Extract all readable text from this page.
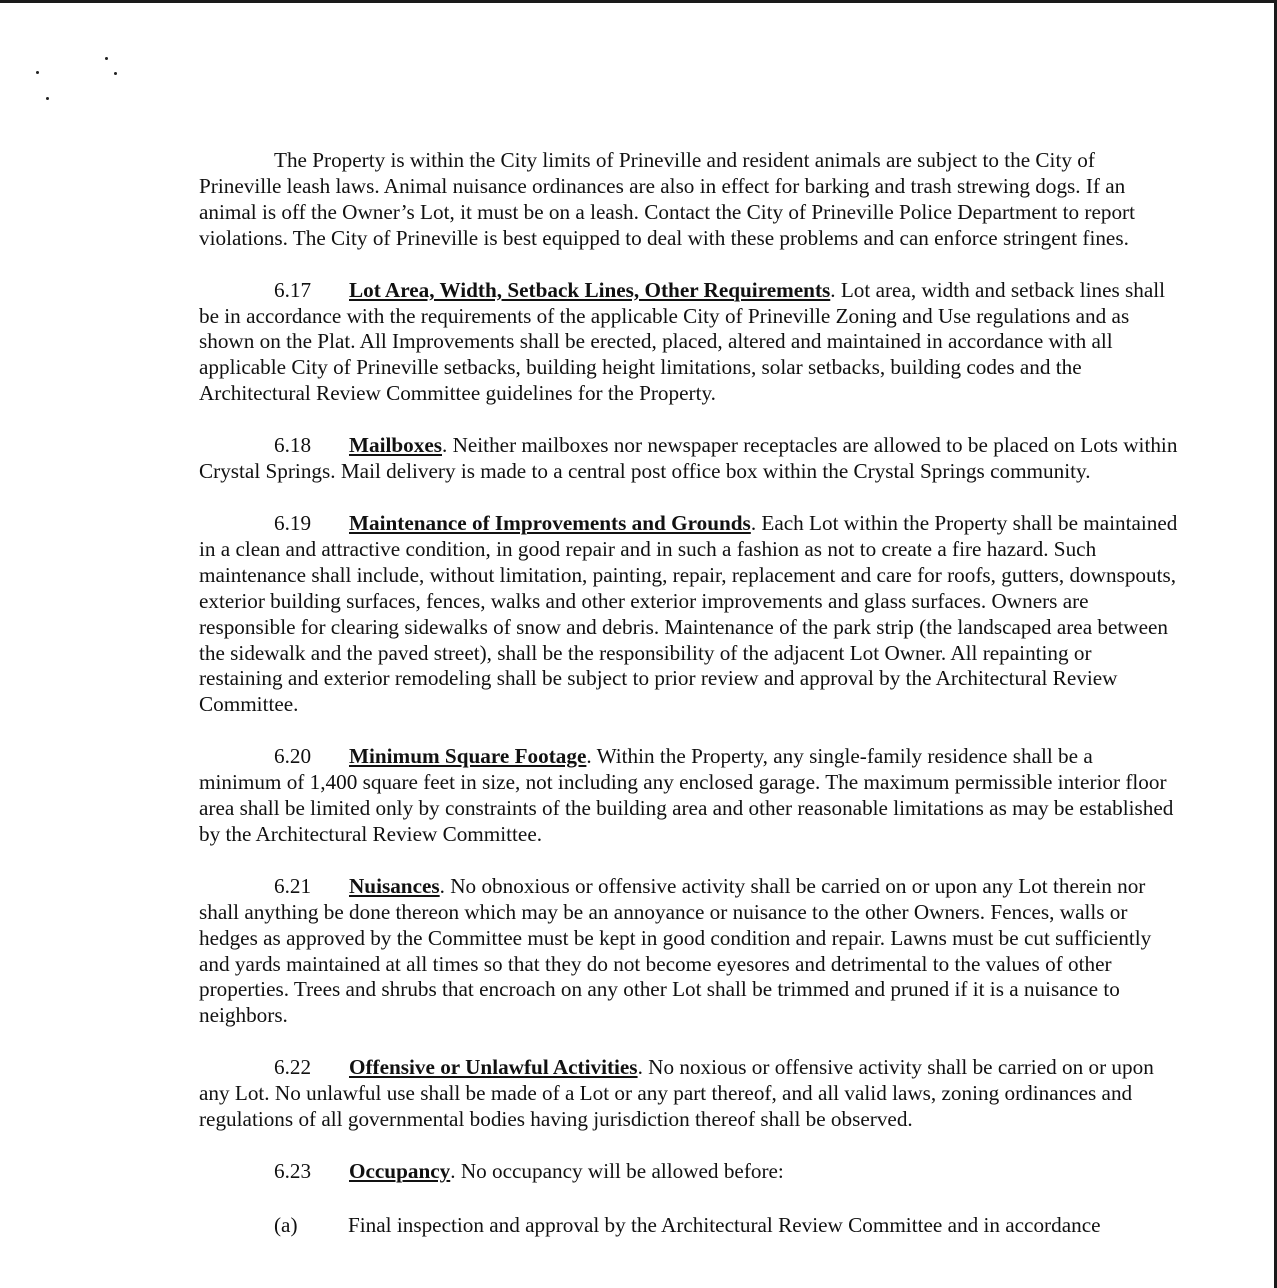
The Property is within the City limits of Prineville and resident animals are subject to the City of Prineville leash laws. Animal nuisance ordinances are also in effect for barking and trash strewing dogs. If an animal is off the Owner’s Lot, it must be on a leash. Contact the City of Prineville Police Department to report violations. The City of Prineville is best equipped to deal with these problems and can enforce stringent fines.

6.17 Lot Area, Width, Setback Lines, Other Requirements. Lot area, width and setback lines shall be in accordance with the requirements of the applicable City of Prineville Zoning and Use regulations and as shown on the Plat. All Improvements shall be erected, placed, altered and maintained in accordance with all applicable City of Prineville setbacks, building height limitations, solar setbacks, building codes and the Architectural Review Committee guidelines for the Property.

6.18 Mailboxes. Neither mailboxes nor newspaper receptacles are allowed to be placed on Lots within Crystal Springs. Mail delivery is made to a central post office box within the Crystal Springs community.

6.19 Maintenance of Improvements and Grounds. Each Lot within the Property shall be maintained in a clean and attractive condition, in good repair and in such a fashion as not to create a fire hazard. Such maintenance shall include, without limitation, painting, repair, replacement and care for roofs, gutters, downspouts, exterior building surfaces, fences, walks and other exterior improvements and glass surfaces. Owners are responsible for clearing sidewalks of snow and debris. Maintenance of the park strip (the landscaped area between the sidewalk and the paved street), shall be the responsibility of the adjacent Lot Owner. All repainting or restaining and exterior remodeling shall be subject to prior review and approval by the Architectural Review Committee.

6.20 Minimum Square Footage. Within the Property, any single-family residence shall be a minimum of 1,400 square feet in size, not including any enclosed garage. The maximum permissible interior floor area shall be limited only by constraints of the building area and other reasonable limitations as may be established by the Architectural Review Committee.

6.21 Nuisances. No obnoxious or offensive activity shall be carried on or upon any Lot therein nor shall anything be done thereon which may be an annoyance or nuisance to the other Owners. Fences, walls or hedges as approved by the Committee must be kept in good condition and repair. Lawns must be cut sufficiently and yards maintained at all times so that they do not become eyesores and detrimental to the values of other properties. Trees and shrubs that encroach on any other Lot shall be trimmed and pruned if it is a nuisance to neighbors.

6.22 Offensive or Unlawful Activities. No noxious or offensive activity shall be carried on or upon any Lot. No unlawful use shall be made of a Lot or any part thereof, and all valid laws, zoning ordinances and regulations of all governmental bodies having jurisdiction thereof shall be observed.

6.23 Occupancy. No occupancy will be allowed before:

(a) Final inspection and approval by the Architectural Review Committee and in accordance
